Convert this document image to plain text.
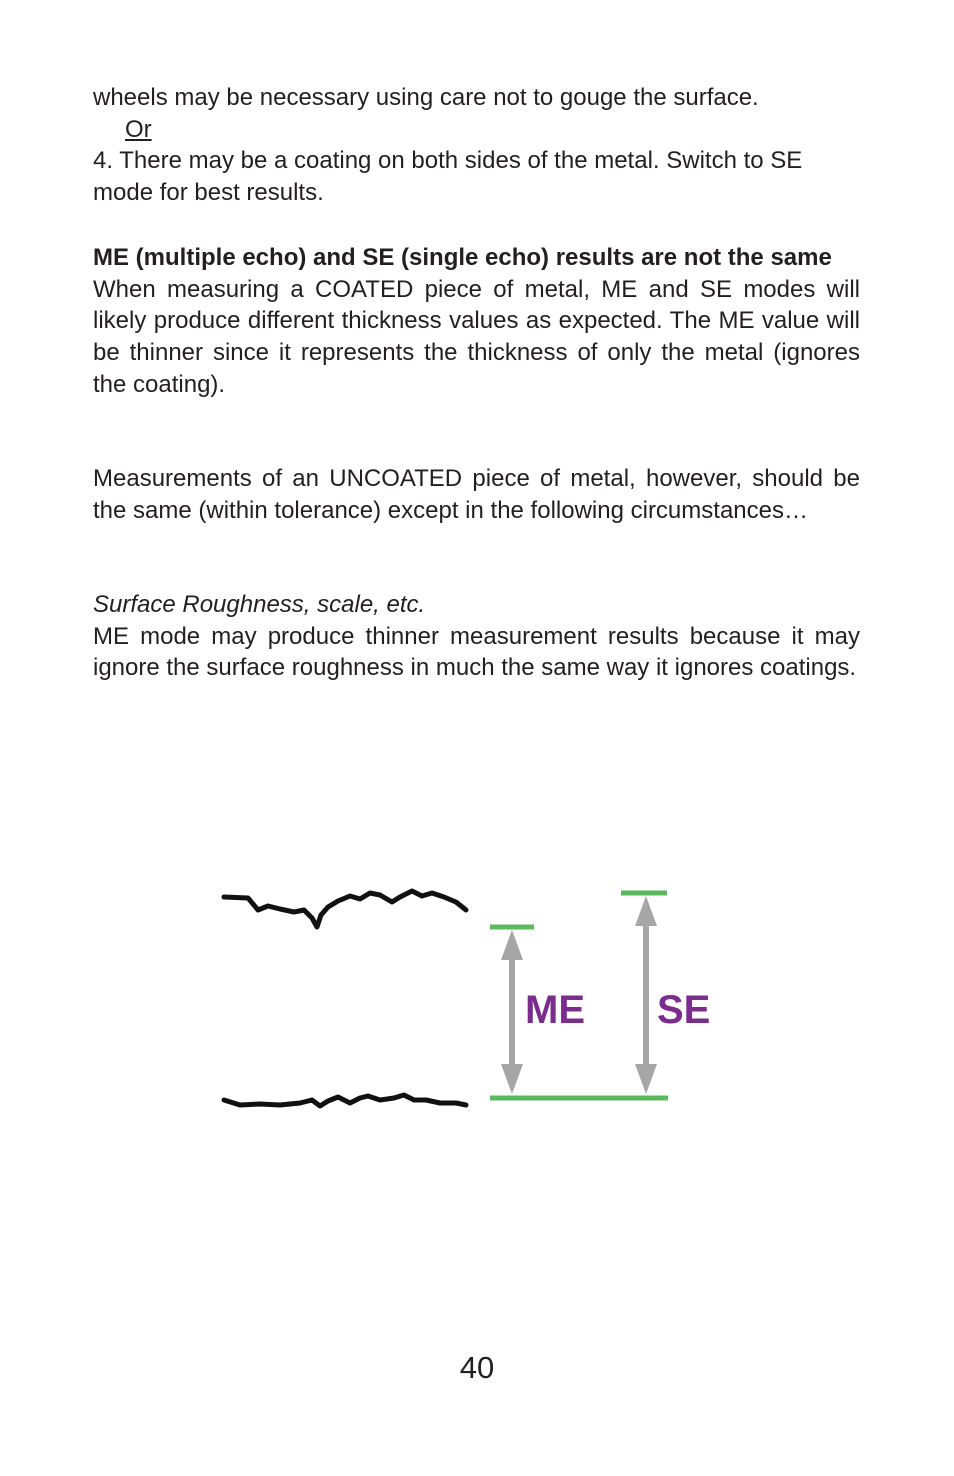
wheels may be necessary using care not to gouge the surface.

Or

4. There may be a coating on both sides of the metal. Switch to SE mode for best results.

ME (multiple echo) and SE (single echo) results are not the same

When measuring a COATED piece of metal, ME and SE modes will likely produce different thickness values as expected. The ME value will be thinner since it represents the thickness of only the metal (ignores the coating).

Measurements of an UNCOATED piece of metal, however, should be the same (within tolerance) except in the following circumstances…

Surface Roughness, scale, etc.

ME mode may produce thinner measurement results because it may ignore the surface roughness in much the same way it ignores coatings.

ME SE
40
